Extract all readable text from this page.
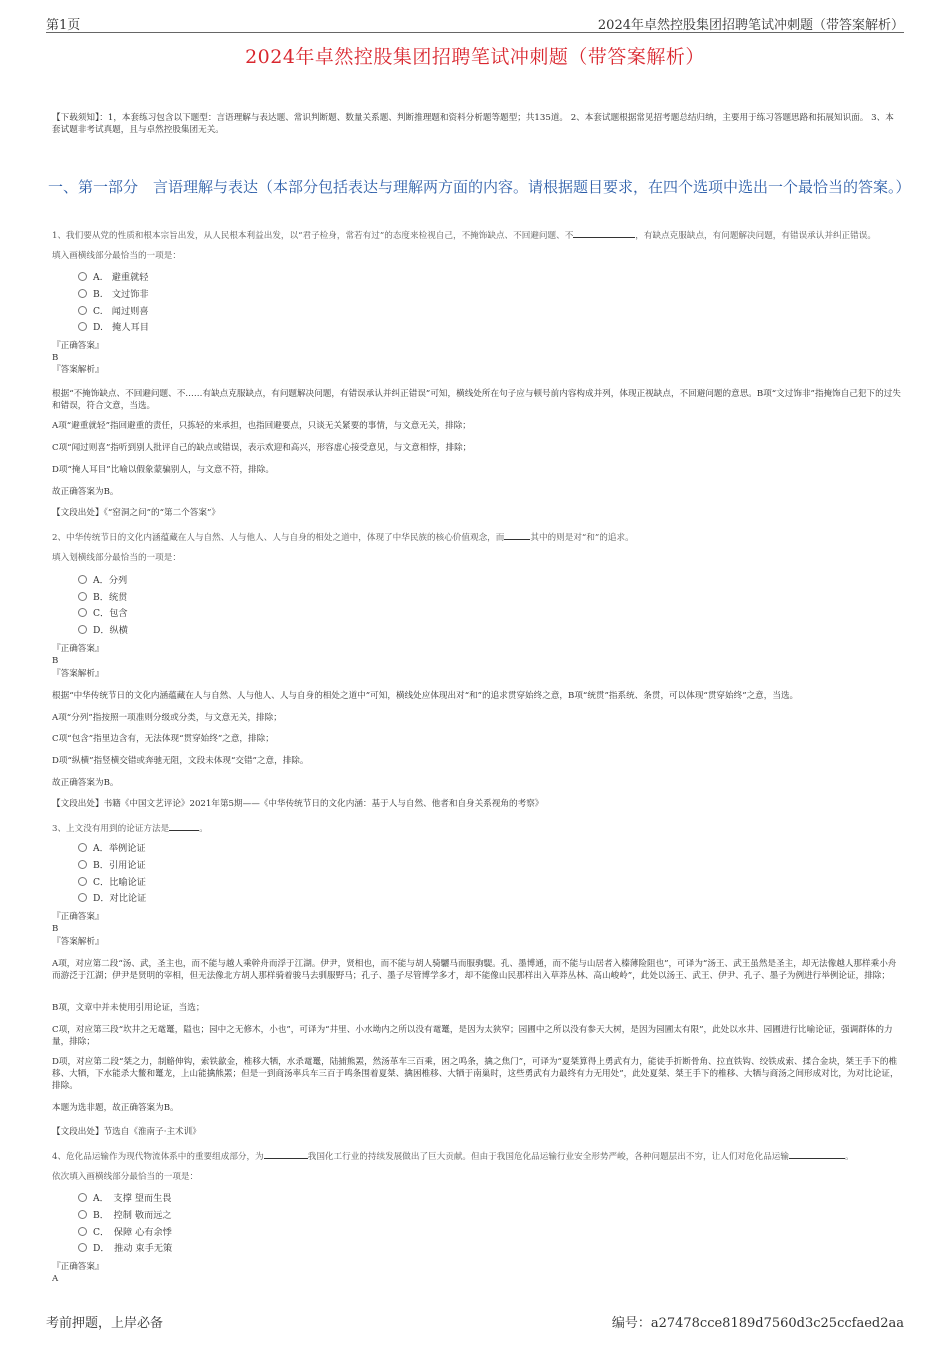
第1页	2024年卓然控股集团招聘笔试冲刺题（带答案解析）
2024年卓然控股集团招聘笔试冲刺题（带答案解析）
【下载须知】：1，本套练习包含以下题型：言语理解与表达题、常识判断题、数量关系题、判断推理题和资料分析题等题型；共135道。 2、本套试题根据常见招考题总结归纳，主要用于练习答题思路和拓展知识面。 3、本套试题非考试真题，且与卓然控股集团无关。
一、第一部分　言语理解与表达（本部分包括表达与理解两方面的内容。请根据题目要求，在四个选项中选出一个最恰当的答案。）
1、我们要从党的性质和根本宗旨出发，从人民根本利益出发，以“君子检身，常若有过”的态度来检视自己，不掩饰缺点、不回避问题、不	，有缺点克服缺点，有问题解决问题，有错误承认并纠正错误。
填入画横线部分最恰当的一项是：
A.　避重就轻
B.　文过饰非
C.　闻过则喜
D.　掩人耳目
『正确答案』
B
『答案解析』
根据“不掩饰缺点、不回避问题、不……有缺点克服缺点，有问题解决问题，有错误承认并纠正错误”可知，横线处所在句子应与顿号前内容构成并列，体现正视缺点，不回避问题的意思。B项“文过饰非”指掩饰自己犯下的过失和错误，符合文意，当选。
A项“避重就轻”指回避重的责任，只拣轻的来承担，也指回避要点，只谈无关紧要的事情，与文意无关，排除；
C项“闻过则喜”指听到别人批评自己的缺点或错误，表示欢迎和高兴，形容虚心接受意见，与文意相悖，排除；
D项“掩人耳目”比喻以假象蒙骗别人，与文意不符，排除。
故正确答案为B。
【文段出处】《“窑洞之问”的“第二个答案”》
2、中华传统节日的文化内涵蕴藏在人与自然、人与他人、人与自身的相处之道中，体现了中华民族的核心价值观念，而	其中的则是对“和”的追求。
填入划横线部分最恰当的一项是：
A．分列
B．统贯
C．包含
D．纵横
『正确答案』
B
『答案解析』
根据“中华传统节日的文化内涵蕴藏在人与自然、人与他人、人与自身的相处之道中”可知，横线处应体现出对“和”的追求贯穿始终之意，B项“统贯”指系统、条贯，可以体现“贯穿始终”之意，当选。
A项“分列”指按照一项准则分级或分类，与文意无关，排除；
C项“包含”指里边含有，无法体现“贯穿始终”之意，排除；
D项“纵横”指竖横交错或奔驰无阻，文段未体现“交错”之意，排除。
故正确答案为B。
【文段出处】书籍《中国文艺评论》2021年第5期——《中华传统节日的文化内涵：基于人与自然、他者和自身关系视角的考察》
3、上文没有用到的论证方法是	。
A．举例论证
B．引用论证
C．比喻论证
D．对比论证
『正确答案』
B
『答案解析』
A项，对应第二段“汤、武，圣主也，而不能与越人乘幹舟而浮于江湖。伊尹，贤相也，而不能与胡人骑驪马而服驹騠。孔、墨博通，而不能与山居者入榛薄险阻也”，可译为“汤王、武王虽然是圣主，却无法像越人那样乘小舟而游泛于江湖；伊尹是贤明的宰相，但无法像北方胡人那样骑着骏马去驯服野马；孔子、墨子尽管博学多才，却不能像山民那样出入草莽丛林、高山峻岭”，此处以汤王、武王、伊尹、孔子、墨子为例进行举例论证，排除；
B项，文章中并未使用引用论证，当选；
C项，对应第三段“坎井之无鼋鼍，隘也；园中之无修木，小也”，可译为“井里、小水坳内之所以没有鼋鼍，是因为太狭窄；园圃中之所以没有参天大树，是因为园圃太有限”，此处以水井、园圃进行比喻论证，强调群体的力量，排除；
D项，对应第二段“桀之力，制觡伸钩，索铁歙金，椎移大牺，水杀鼋鼍，陆捕熊罴，然汤革车三百乘，困之鸣条，擒之焦门”，可译为“夏桀算得上勇武有力，能徒手折断骨角、拉直铁钩、绞铁成索、揉合金块，桀王手下的椎移、大牺，下水能杀大鳖和鼍龙，上山能擒熊罴；但是一到商汤率兵车三百于鸣条围着夏桀、擒困椎移、大牺于南巢时，这些勇武有力最终有力无用处”，此处夏桀、桀王手下的椎移、大牺与商汤之间形成对比，为对比论证，排除。
本题为选非题，故正确答案为B。
【文段出处】节选自《淮南子·主术训》
4、危化品运输作为现代物流体系中的重要组成部分，为	我国化工行业的持续发展做出了巨大贡献。但由于我国危化品运输行业安全形势严峻，各种问题层出不穷，让人们对危化品运输	。
依次填入画横线部分最恰当的一项是：
A．　支撑 望而生畏
B．　控制 敬而远之
C．　保障 心有余悸
D．　推动 束手无策
『正确答案』
A
考前押题，上岸必备	编号：a27478cce8189d7560d3c25ccfaed2aa
